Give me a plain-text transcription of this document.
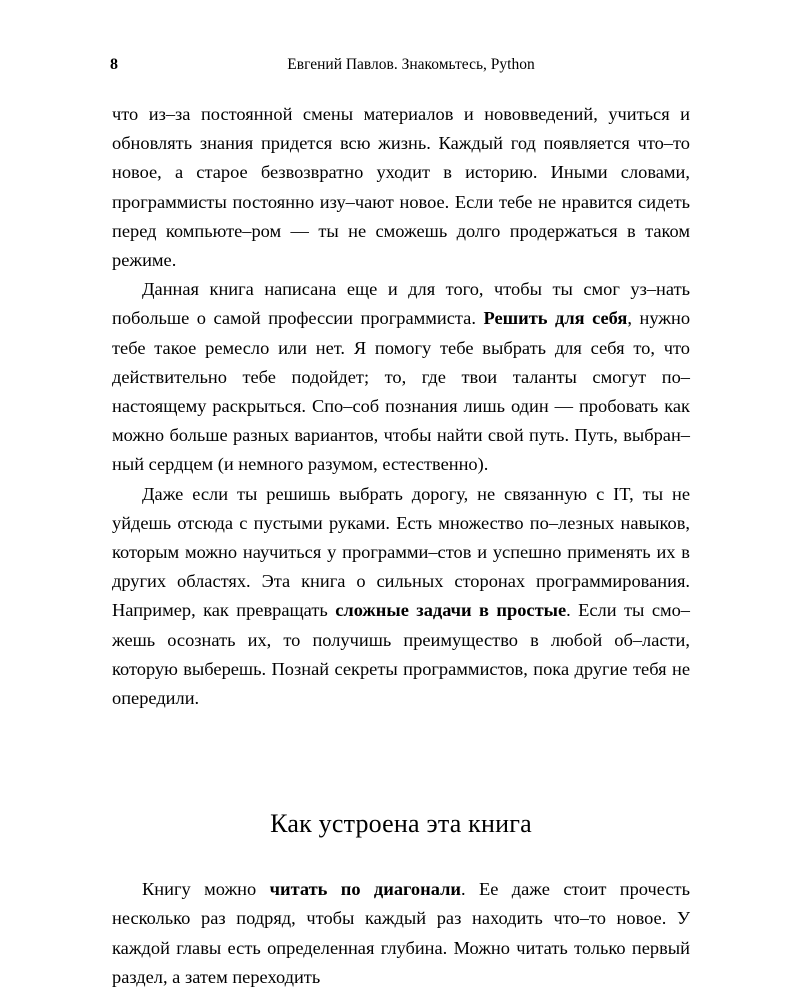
8	Евгений Павлов. Знакомьтесь, Python

что из–за постоянной смены материалов и нововведений, учиться и обновлять знания придется всю жизнь. Каждый год появляется что–то новое, а старое безвозвратно уходит в историю. Иными словами, программисты постоянно изу–чают новое. Если тебе не нравится сидеть перед компьюте–ром — ты не сможешь долго продержаться в таком режиме.

Данная книга написана еще и для того, чтобы ты смог уз–нать побольше о самой профессии программиста. Решить для себя, нужно тебе такое ремесло или нет. Я помогу тебе выбрать для себя то, что действительно тебе подойдет; то, где твои таланты смогут по–настоящему раскрыться. Спо–соб познания лишь один — пробовать как можно больше разных вариантов, чтобы найти свой путь. Путь, выбран–ный сердцем (и немного разумом, естественно).

Даже если ты решишь выбрать дорогу, не связанную с IT, ты не уйдешь отсюда с пустыми руками. Есть множество по–лезных навыков, которым можно научиться у программи–стов и успешно применять их в других областях. Эта книга о сильных сторонах программирования. Например, как превращать сложные задачи в простые. Если ты смо–жешь осознать их, то получишь преимущество в любой об–ласти, которую выберешь. Познай секреты программистов, пока другие тебя не опередили.

Как устроена эта книга

Книгу можно читать по диагонали. Ее даже стоит прочесть несколько раз подряд, чтобы каждый раз находить что–то новое. У каждой главы есть определенная глубина. Можно читать только первый раздел, а затем переходить
